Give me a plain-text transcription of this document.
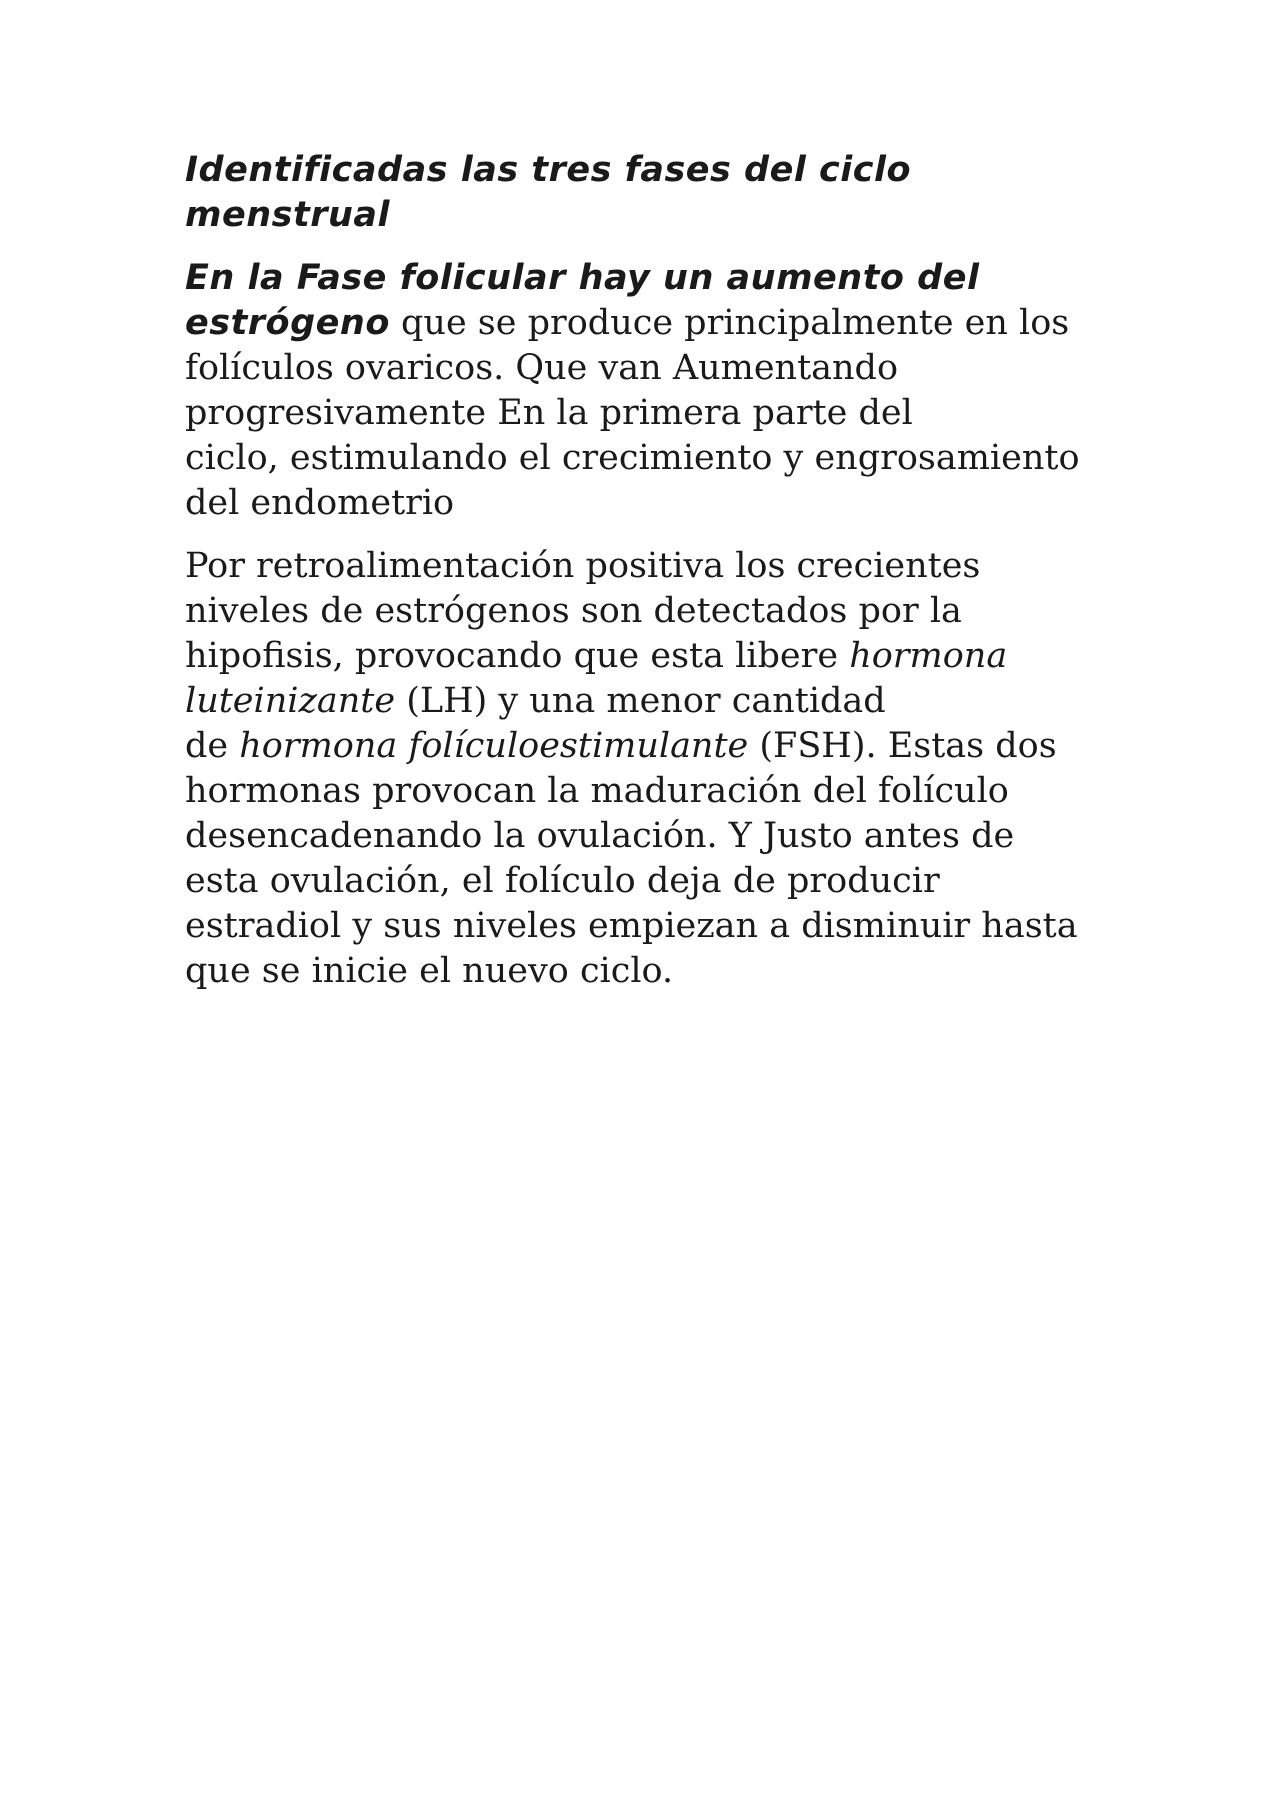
Identificadas las tres fases del ciclo
menstrual
En la Fase folicular hay un aumento del
estrógeno que se produce principalmente en los
folículos ovaricos. Que van Aumentando
progresivamente En la primera parte del
ciclo, estimulando el crecimiento y engrosamiento
del endometrio
Por retroalimentación positiva los crecientes
niveles de estrógenos son detectados por la
hipofisis, provocando que esta libere hormona
luteinizante (LH) y una menor cantidad
de hormona folículoestimulante (FSH). Estas dos
hormonas provocan la maduración del folículo
desencadenando la ovulación. Y Justo antes de
esta ovulación, el folículo deja de producir
estradiol y sus niveles empiezan a disminuir hasta
que se inicie el nuevo ciclo.
